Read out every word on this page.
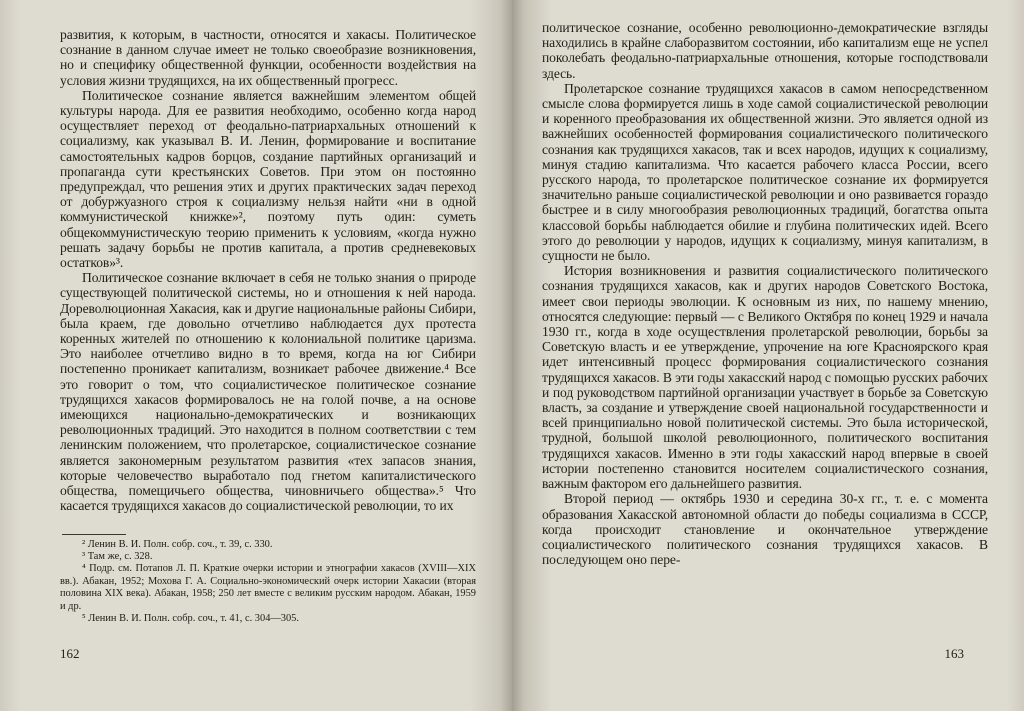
развития, к которым, в частности, относятся и хакасы. Политическое сознание в данном случае имеет не только своеобразие возникновения, но и специфику общественной функции, особенности воздействия на условия жизни трудящихся, на их общественный прогресс.

Политическое сознание является важнейшим элементом общей культуры народа. Для ее развития необходимо, особенно когда народ осуществляет переход от феодально-патриархальных отношений к социализму, как указывал В. И. Ленин, формирование и воспитание самостоятельных кадров борцов, создание партийных организаций и пропаганда сути крестьянских Советов. При этом он постоянно предупреждал, что решения этих и других практических задач переход от добуржуазного строя к социализму нельзя найти «ни в одной коммунистической книжке»², поэтому путь один: суметь общекоммунистическую теорию применить к условиям, «когда нужно решать задачу борьбы не против капитала, а против средневековых остатков»³.

Политическое сознание включает в себя не только знания о природе существующей политической системы, но и отношения к ней народа. Дореволюционная Хакасия, как и другие национальные районы Сибири, была краем, где довольно отчетливо наблюдается дух протеста коренных жителей по отношению к колониальной политике царизма. Это наиболее отчетливо видно в то время, когда на юг Сибири постепенно проникает капитализм, возникает рабочее движение.⁴ Все это говорит о том, что социалистическое политическое сознание трудящихся хакасов формировалось не на голой почве, а на основе имеющихся национально-демократических и возникающих революционных традиций. Это находится в полном соответствии с тем ленинским положением, что пролетарское, социалистическое сознание является закономерным результатом развития «тех запасов знания, которые человечество выработало под гнетом капиталистического общества, помещичьего общества, чиновничьего общества».⁵ Что касается трудящихся хакасов до социалистической революции, то их

² Ленин В. И. Полн. собр. соч., т. 39, с. 330.

³ Там же, с. 328.

⁴ Подр. см. Потапов Л. П. Краткие очерки истории и этнографии хакасов (XVIII—XIX вв.). Абакан, 1952; Мохова Г. А. Социально-экономический очерк истории Хакасии (вторая половина XIX века). Абакан, 1958; 250 лет вместе с великим русским народом. Абакан, 1959 и др.

⁵ Ленин В. И. Полн. собр. соч., т. 41, с. 304—305.

162

политическое сознание, особенно революционно-демократические взгляды находились в крайне слаборазвитом состоянии, ибо капитализм еще не успел поколебать феодально-патриархальные отношения, которые господствовали здесь.

Пролетарское сознание трудящихся хакасов в самом непосредственном смысле слова формируется лишь в ходе самой социалистической революции и коренного преобразования их общественной жизни. Это является одной из важнейших особенностей формирования социалистического политического сознания как трудящихся хакасов, так и всех народов, идущих к социализму, минуя стадию капитализма. Что касается рабочего класса России, всего русского народа, то пролетарское политическое сознание их формируется значительно раньше социалистической революции и оно развивается гораздо быстрее и в силу многообразия революционных традиций, богатства опыта классовой борьбы наблюдается обилие и глубина политических идей. Всего этого до революции у народов, идущих к социализму, минуя капитализм, в сущности не было.

История возникновения и развития социалистического политического сознания трудящихся хакасов, как и других народов Советского Востока, имеет свои периоды эволюции. К основным из них, по нашему мнению, относятся следующие: первый — с Великого Октября по конец 1929 и начала 1930 гг., когда в ходе осуществления пролетарской революции, борьбы за Советскую власть и ее утверждение, упрочение на юге Красноярского края идет интенсивный процесс формирования социалистического сознания трудящихся хакасов. В эти годы хакасский народ с помощью русских рабочих и под руководством партийной организации участвует в борьбе за Советскую власть, за создание и утверждение своей национальной государственности и всей принципиально новой политической системы. Это была исторической, трудной, большой школой революционного, политического воспитания трудящихся хакасов. Именно в эти годы хакасский народ впервые в своей истории постепенно становится носителем социалистического сознания, важным фактором его дальнейшего развития.

Второй период — октябрь 1930 и середина 30-х гг., т. е. с момента образования Хакасской автономной области до победы социализма в СССР, когда происходит становление и окончательное утверждение социалистического политического сознания трудящихся хакасов. В последующем оно пере-

163
